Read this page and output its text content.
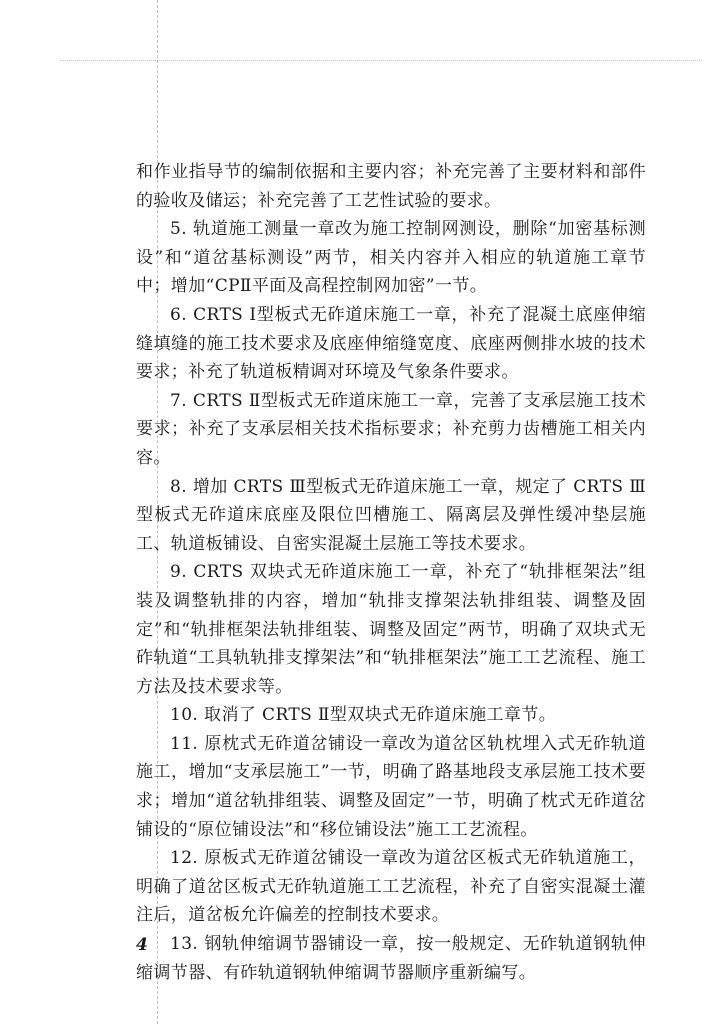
和作业指导节的编制依据和主要内容；补充完善了主要材料和部件的验收及储运；补充完善了工艺性试验的要求。

5. 轨道施工测量一章改为施工控制网测设，删除“加密基标测设”和“道岔基标测设”两节，相关内容并入相应的轨道施工章节中；增加“CPⅡ平面及高程控制网加密”一节。

6. CRTS Ⅰ型板式无砟道床施工一章，补充了混凝土底座伸缩缝填缝的施工技术要求及底座伸缩缝宽度、底座两侧排水坡的技术要求；补充了轨道板精调对环境及气象条件要求。

7. CRTS Ⅱ型板式无砟道床施工一章，完善了支承层施工技术要求；补充了支承层相关技术指标要求；补充剪力齿槽施工相关内容。

8. 增加 CRTS Ⅲ型板式无砟道床施工一章，规定了 CRTS Ⅲ型板式无砟道床底座及限位凹槽施工、隔离层及弹性缓冲垫层施工、轨道板铺设、自密实混凝土层施工等技术要求。

9. CRTS 双块式无砟道床施工一章，补充了“轨排框架法”组装及调整轨排的内容，增加“轨排支撑架法轨排组装、调整及固定”和“轨排框架法轨排组装、调整及固定”两节，明确了双块式无砟轨道“工具轨轨排支撑架法”和“轨排框架法”施工工艺流程、施工方法及技术要求等。

10. 取消了 CRTS Ⅱ型双块式无砟道床施工章节。

11. 原枕式无砟道岔铺设一章改为道岔区轨枕埋入式无砟轨道施工，增加“支承层施工”一节，明确了路基地段支承层施工技术要求；增加“道岔轨排组装、调整及固定”一节，明确了枕式无砟道岔铺设的“原位铺设法”和“移位铺设法”施工工艺流程。

12. 原板式无砟道岔铺设一章改为道岔区板式无砟轨道施工，明确了道岔区板式无砟轨道施工工艺流程，补充了自密实混凝土灌注后，道岔板允许偏差的控制技术要求。

13. 钢轨伸缩调节器铺设一章，按一般规定、无砟轨道钢轨伸缩调节器、有砟轨道钢轨伸缩调节器顺序重新编写。

4
